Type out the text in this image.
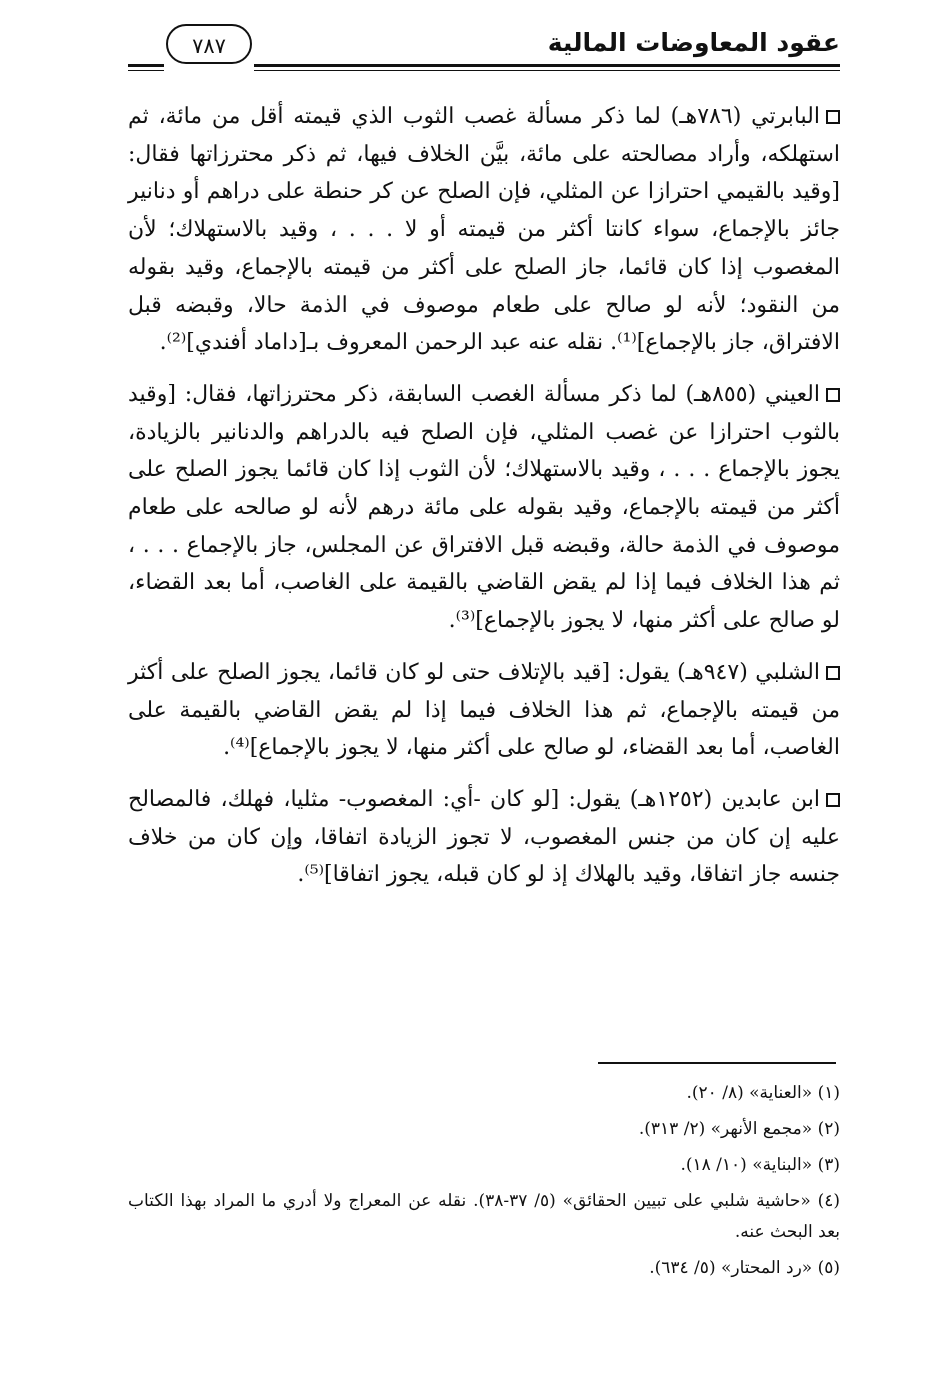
عقود المعاوضات المالية
٧٨٧

البابرتي (٧٨٦هـ) لما ذكر مسألة غصب الثوب الذي قيمته أقل من مائة، ثم استهلكه، وأراد مصالحته على مائة، بيَّن الخلاف فيها، ثم ذكر محترزاتها فقال: [وقيد بالقيمي احترازا عن المثلي، فإن الصلح عن كر حنطة على دراهم أو دنانير جائز بالإجماع، سواء كانتا أكثر من قيمته أو لا . . . ، وقيد بالاستهلاك؛ لأن المغصوب إذا كان قائما، جاز الصلح على أكثر من قيمته بالإجماع، وقيد بقوله من النقود؛ لأنه لو صالح على طعام موصوف في الذمة حالا، وقبضه قبل الافتراق، جاز بالإجماع]⁽¹⁾. نقله عنه عبد الرحمن المعروف بـ[داماد أفندي]⁽²⁾.

العيني (٨٥٥هـ) لما ذكر مسألة الغصب السابقة، ذكر محترزاتها، فقال: [وقيد بالثوب احترازا عن غصب المثلي، فإن الصلح فيه بالدراهم والدنانير بالزيادة، يجوز بالإجماع . . . ، وقيد بالاستهلاك؛ لأن الثوب إذا كان قائما يجوز الصلح على أكثر من قيمته بالإجماع، وقيد بقوله على مائة درهم لأنه لو صالحه على طعام موصوف في الذمة حالة، وقبضه قبل الافتراق عن المجلس، جاز بالإجماع . . . ، ثم هذا الخلاف فيما إذا لم يقض القاضي بالقيمة على الغاصب، أما بعد القضاء، لو صالح على أكثر منها، لا يجوز بالإجماع]⁽³⁾.

الشلبي (٩٤٧هـ) يقول: [قيد بالإتلاف حتى لو كان قائما، يجوز الصلح على أكثر من قيمته بالإجماع، ثم هذا الخلاف فيما إذا لم يقض القاضي بالقيمة على الغاصب، أما بعد القضاء، لو صالح على أكثر منها، لا يجوز بالإجماع]⁽⁴⁾.

ابن عابدين (١٢٥٢هـ) يقول: [لو كان -أي: المغصوب- مثليا، فهلك، فالمصالح عليه إن كان من جنس المغصوب، لا تجوز الزيادة اتفاقا، وإن كان من خلاف جنسه جاز اتفاقا، وقيد بالهلاك إذ لو كان قبله، يجوز اتفاقا]⁽⁵⁾.

(١) «العناية» (٨/ ٢٠).

(٢) «مجمع الأنهر» (٢/ ٣١٣).

(٣) «البناية» (١٠/ ١٨).

(٤) «حاشية شلبي على تبيين الحقائق» (٥/ ٣٧-٣٨). نقله عن المعراج ولا أدري ما المراد بهذا الكتاب بعد البحث عنه.

(٥) «رد المحتار» (٥/ ٦٣٤).
